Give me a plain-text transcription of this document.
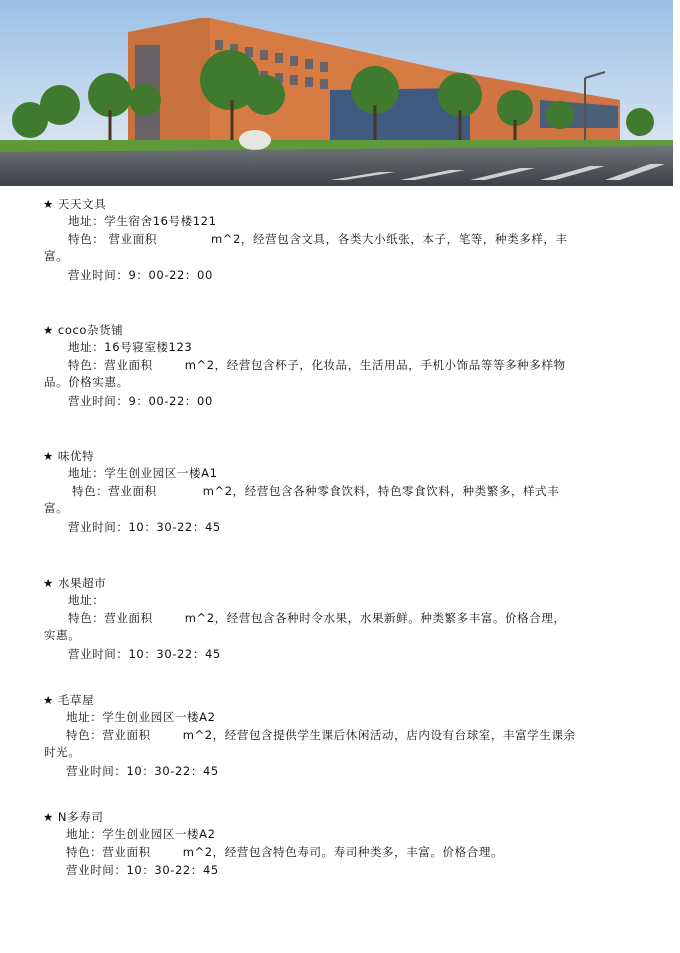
★ 天天文具
地址：学生宿舍16号楼121
特色： 营业面积	m^2，经营包含文具，各类大小纸张，本子，笔等，种类多样，丰
富。
营业时间：9：00-22：00
★ coco杂货铺
地址：16号寝室楼123
特色：营业面积	m^2，经营包含杯子，化妆品，生活用品，手机小饰品等等多种多样物
品。价格实惠。
营业时间：9：00-22：00
★ 味优特
地址：学生创业园区一楼A1
特色：营业面积	m^2，经营包含各种零食饮料，特色零食饮料，种类繁多，样式丰
富。
营业时间：10：30-22：45
★ 水果超市
地址：
特色：营业面积	m^2，经营包含各种时令水果，水果新鲜。种类繁多丰富。价格合理，
实惠。
营业时间：10：30-22：45
★ 毛草屋
地址：学生创业园区一楼A2
特色：营业面积	m^2，经营包含提供学生课后休闲活动，店内设有台球室，丰富学生课余
时光。
营业时间：10：30-22：45
★ N多寿司
地址：学生创业园区一楼A2
特色：营业面积	m^2，经营包含特色寿司。寿司种类多，丰富。价格合理。
营业时间：10：30-22：45
